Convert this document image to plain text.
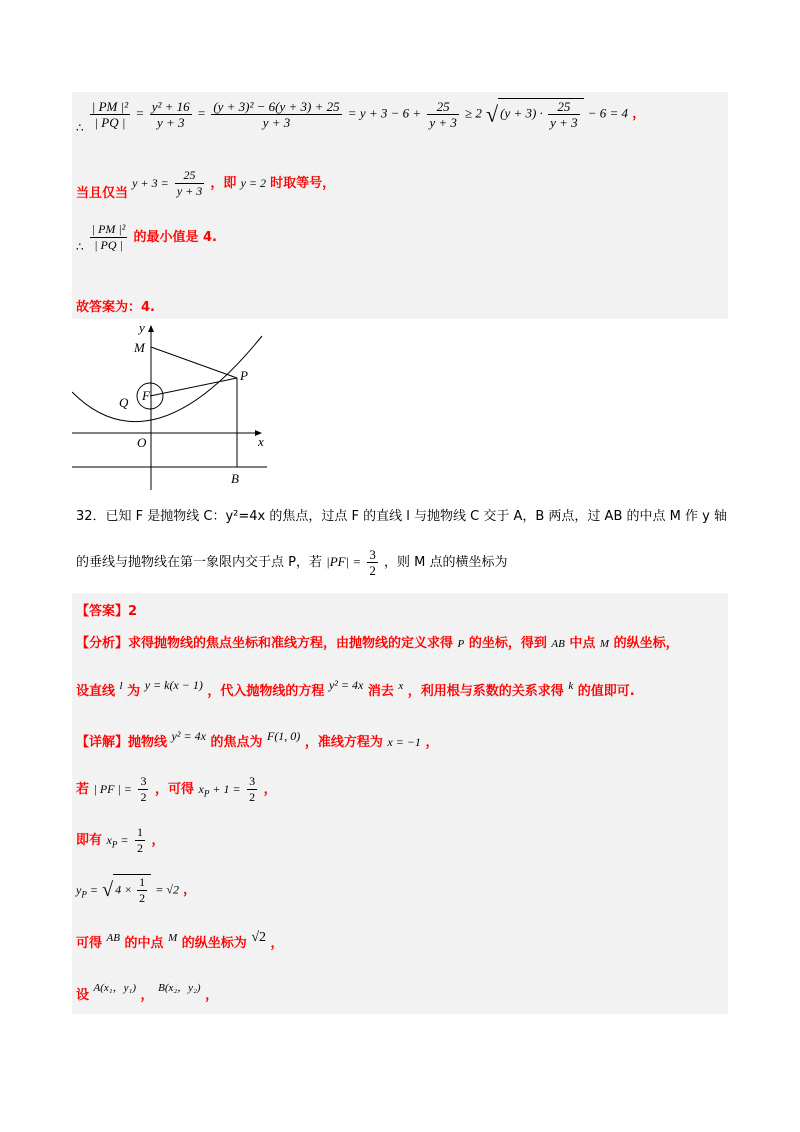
∴ $\frac{\text{| PM |²}}{| PQ |} = \frac{\text{y² + 16}}{y + 3} = \frac{\text{(y + 3)² − 6(y + 3) + 25}}{y + 3} = y + 3 - 6 + \frac{25}{y + 3} \ge 2$ √ $(y + 3) \cdot \frac{25}{y + 3} - 6 = 4$ ，
当且仅当 $y + 3 = \frac{25}{y + 3}$ ，即 y = 2 时取等号，
∴ $\frac{\text{| PM |²}}{| PQ |}$ 的最小值是 4.
故答案为：4.
y
x
M
P
Q F
O
B
32．已知 F 是抛物线 C：y²=4x 的焦点，过点 F 的直线 l 与抛物线 C 交于 A，B 两点，过 AB 的中点 M 作 y 轴
的垂线与抛物线在第一象限内交于点 P，若 $|PF| = \frac{3}{2}$ ，则 M 点的横坐标为
【答案】2
【分析】求得抛物线的焦点坐标和准线方程，由抛物线的定义求得 P 的坐标，得到 AB 中点 M 的纵坐标，
设直线 $^l$ 为 y = k(x − 1) ，代入抛物线的方程 y² = 4x 消去 $^x$ ，利用根与系数的关系求得 $^k$ 的值即可.
【详解】抛物线 y² = 4x 的焦点为 F(1, 0) ，准线方程为 x = −1 ，
若 | PF | = $\frac{3}{2}$ ，可得 $x_P + 1 = \frac{3}{2}$ ，
即有 $x_P = \frac{1}{2}$ ，
$y_P$ = √ $4 \times \frac{1}{2} = √2$ ，
可得 $^{AB}$ 的中点 $^M$ 的纵坐标为 √2 ，
设 $^{A(x_1,y_1)}$ ， $^{B(x_2,y_2)}$ ，
